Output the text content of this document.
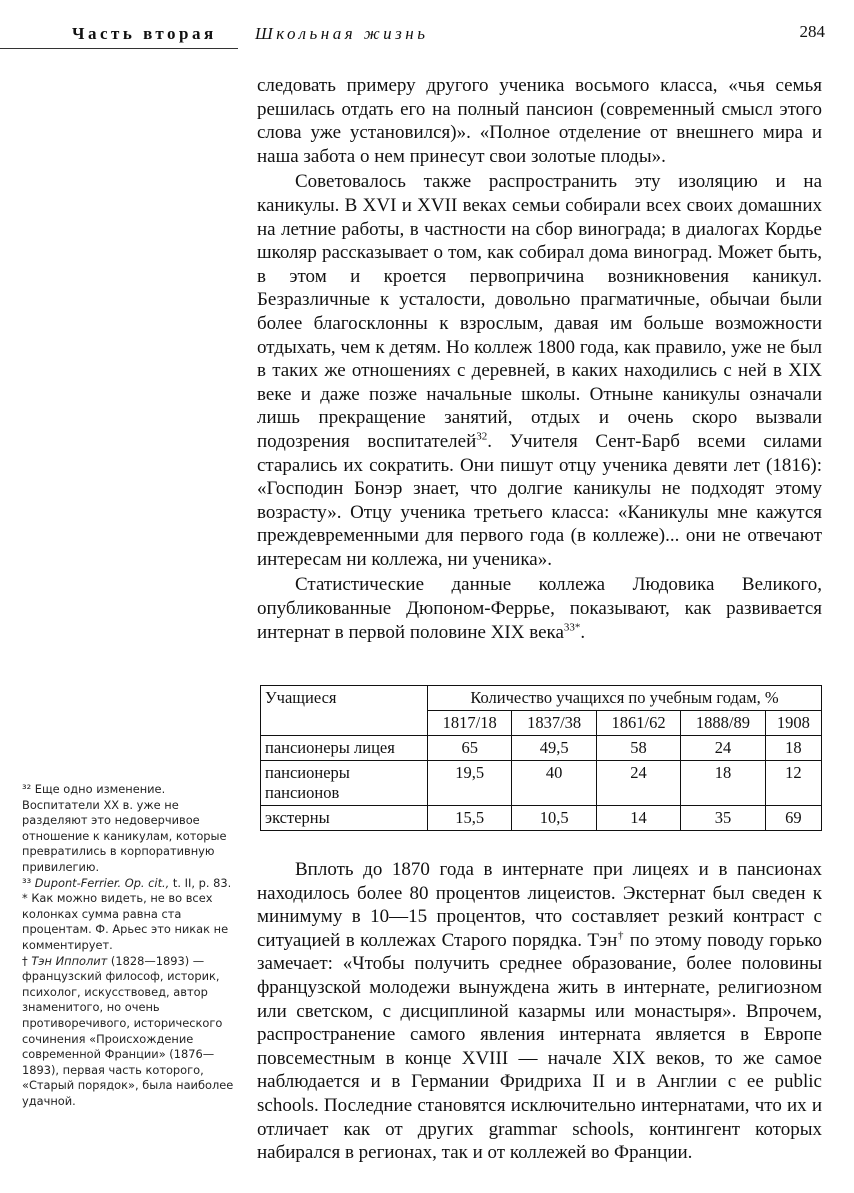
Часть вторая Школьная жизнь	284

следовать примеру другого ученика восьмого класса, «чья семья решилась отдать его на полный пансион (современный смысл этого слова уже установился)». «Полное отделение от внешнего мира и наша забота о нем принесут свои золотые плоды».

Советовалось также распространить эту изоляцию и на каникулы. В XVI и XVII веках семьи собирали всех своих домашних на летние работы, в частности на сбор винограда; в диалогах Кордье школяр рассказывает о том, как собирал дома виноград. Может быть, в этом и кроется первопричина возникновения каникул. Безразличные к усталости, довольно прагматичные, обычаи были более благосклонны к взрослым, давая им больше возможности отдыхать, чем к детям. Но коллеж 1800 года, как правило, уже не был в таких же отношениях с деревней, в каких находились с ней в XIX веке и даже позже начальные школы. Отныне каникулы означали лишь прекращение занятий, отдых и очень скоро вызвали подозрения воспитателей$^{32}$. Учителя Сент-Барб всеми силами старались их сократить. Они пишут отцу ученика девяти лет (1816): «Господин Бонэр знает, что долгие каникулы не подходят этому возрасту». Отцу ученика третьего класса: «Каникулы мне кажутся преждевременными для первого года (в коллеже)... они не отвечают интересам ни коллежа, ни ученика».

Статистические данные коллежа Людовика Великого, опубликованные Дюпоном-Феррье, показывают, как развивается интернат в первой половине XIX века$^{33*}$.

Учащиеся	Количество учащихся по учебным годам, %				
	1817/18	1837/38	1861/62	1888/89	1908
пансионеры лицея	65	49,5	58	24	18
пансионеры пансионов	19,5	40	24	18	12
экстерны	15,5	10,5	14	35	69

Вплоть до 1870 года в интернате при лицеях и в пансионах находилось более 80 процентов лицеистов. Экстернат был сведен к минимуму в 10—15 процентов, что составляет резкий контраст с ситуацией в коллежах Старого порядка. Тэн† по этому поводу горько замечает: «Чтобы получить среднее образование, более половины французской молодежи вынуждена жить в интернате, религиозном или светском, с дисциплиной казармы или монастыря». Впрочем, распространение самого явления интерната является в Европе повсеместным в конце XVIII — начале XIX веков, то же самое наблюдается и в Германии Фридриха II и в Англии с ее public schools. Последние становятся исключительно интернатами, что их и отличает как от других grammar schools, контингент которых набирался в регионах, так и от коллежей во Франции.

³² Еще одно изменение. Воспитатели XX в. уже не разделяют это недоверчивое отношение к каникулам, которые превратились в корпоративную привилегию.

³³ Dupont-Ferrier. Op. cit., t. II, p. 83.

* Как можно видеть, не во всех колонках сумма равна ста процентам. Ф. Арьес это никак не комментирует.

† Тэн Ипполит (1828—1893) — французский философ, историк, психолог, искусствовед, автор знаменитого, но очень противоречивого, исторического сочинения «Происхождение современной Франции» (1876—1893), первая часть которого, «Старый порядок», была наиболее удачной.
